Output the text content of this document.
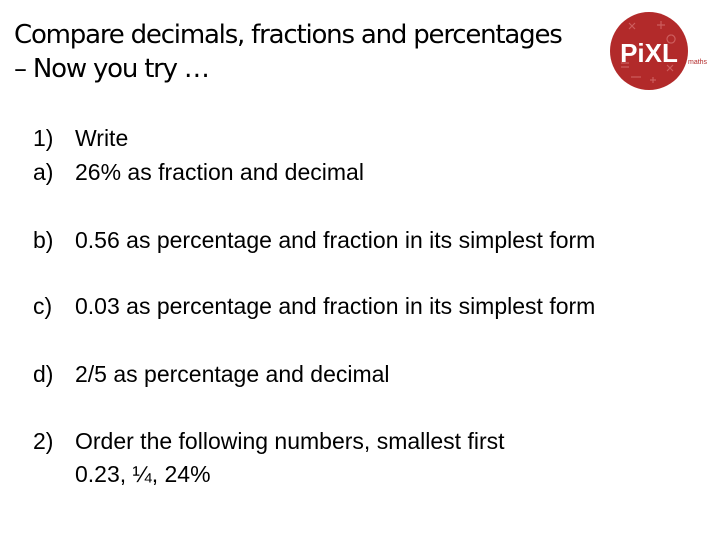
Compare decimals, fractions and percentages
– Now you try …
PiXL maths
1) Write
a) 26% as fraction and decimal
b) 0.56 as percentage and fraction in its simplest form
c) 0.03 as percentage and fraction in its simplest form
d) 2/5 as percentage and decimal
2) Order the following numbers, smallest first
0.23, ¼, 24%
